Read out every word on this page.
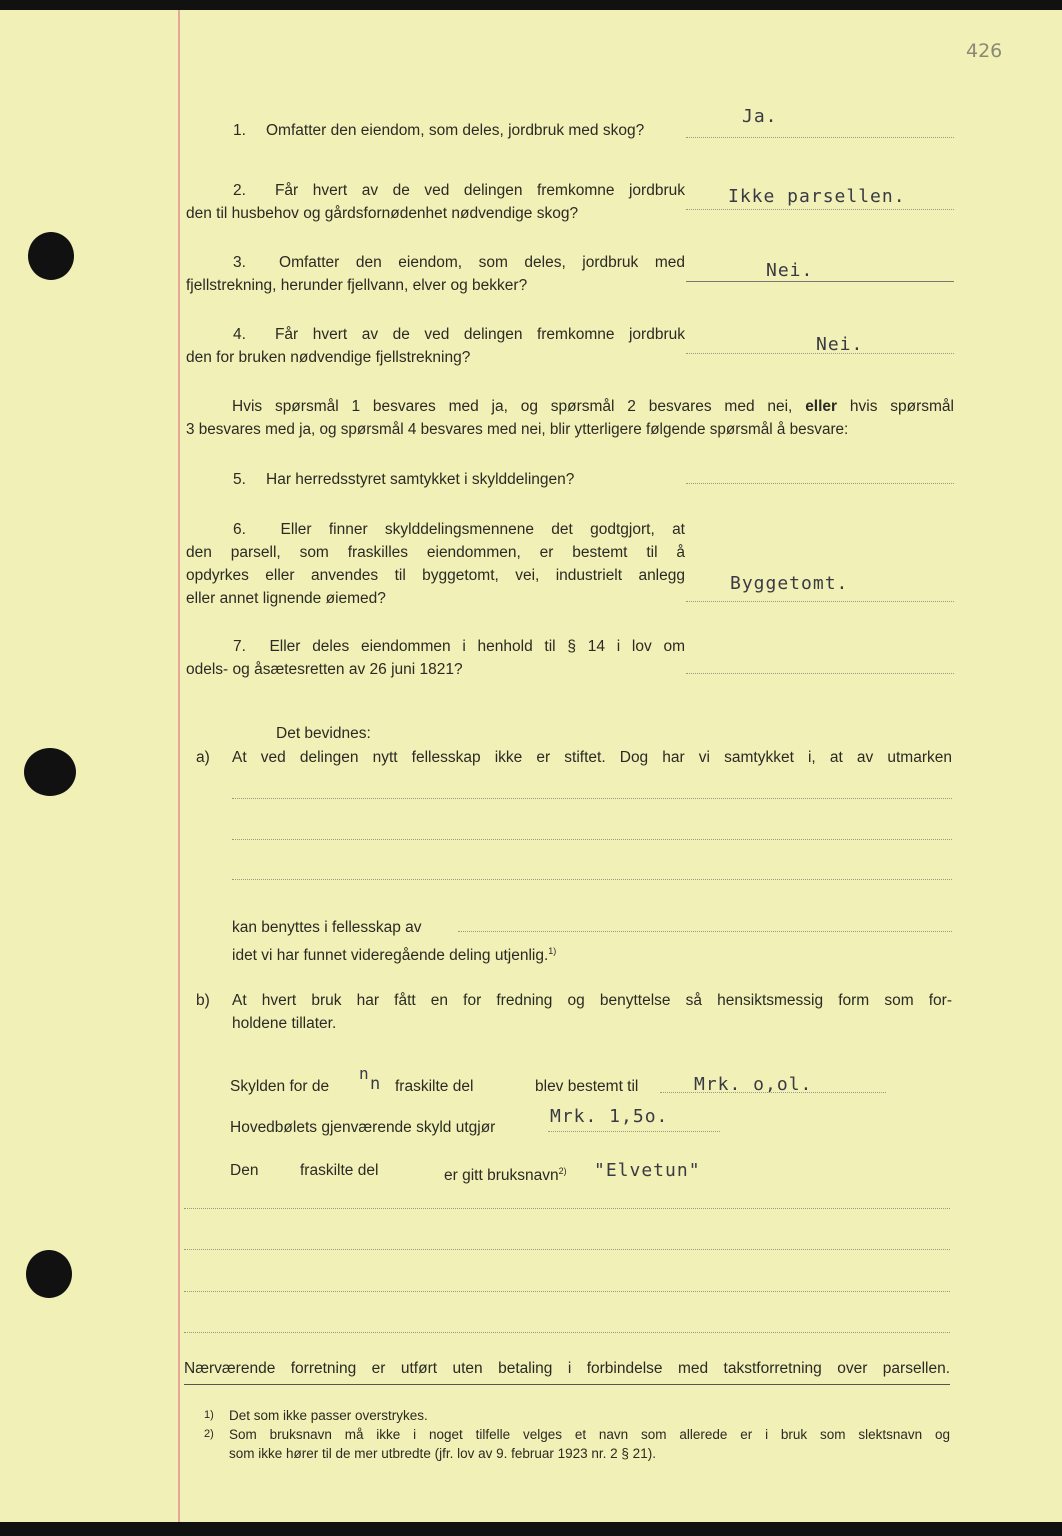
426
1. Omfatter den eiendom, som deles, jordbruk med skog?
Ja.
2. Får hvert av de ved delingen fremkomne jordbruk
den til husbehov og gårdsfornødenhet nødvendige skog?
Ikke parsellen.
3. Omfatter den eiendom, som deles, jordbruk med
fjellstrekning, herunder fjellvann, elver og bekker?
Nei.
4. Får hvert av de ved delingen fremkomne jordbruk
den for bruken nødvendige fjellstrekning?
Nei.
Hvis spørsmål 1 besvares med ja, og spørsmål 2 besvares med nei, eller hvis spørsmål
3 besvares med ja, og spørsmål 4 besvares med nei, blir ytterligere følgende spørsmål å besvare:
5. Har herredsstyret samtykket i skylddelingen?
6. Eller finner skylddelingsmennene det godtgjort, at
den parsell, som fraskilles eiendommen, er bestemt til å
opdyrkes eller anvendes til byggetomt, vei, industrielt anlegg
eller annet lignende øiemed?
Byggetomt.
7. Eller deles eiendommen i henhold til § 14 i lov om
odels- og åsætesretten av 26 juni 1821?
Det bevidnes:
a) At ved delingen nytt fellesskap ikke er stiftet. Dog har vi samtykket i, at av utmarken
kan benyttes i fellesskap av
idet vi har funnet videregående deling utjenlig.$^{1)}$
b) At hvert bruk har fått en for fredning og benyttelse så hensiktsmessig form som for-
holdene tillater.
Skylden for de
n
n fraskilte del	blev bestemt til	Mrk. o,ol.
Hovedbølets gjenværende skyld utgjør
Mrk. 1,5o.
Den	fraskilte del	er gitt bruksnavn$^{2)}$ "Elvetun"
Nærværende forretning er utført uten betaling i forbindelse med takstforretning over parsellen.
1) Det som ikke passer overstrykes.
2) Som bruksnavn må ikke i noget tilfelle velges et navn som allerede er i bruk som slektsnavn og
som ikke hører til de mer utbredte (jfr. lov av 9. februar 1923 nr. 2 § 21).
